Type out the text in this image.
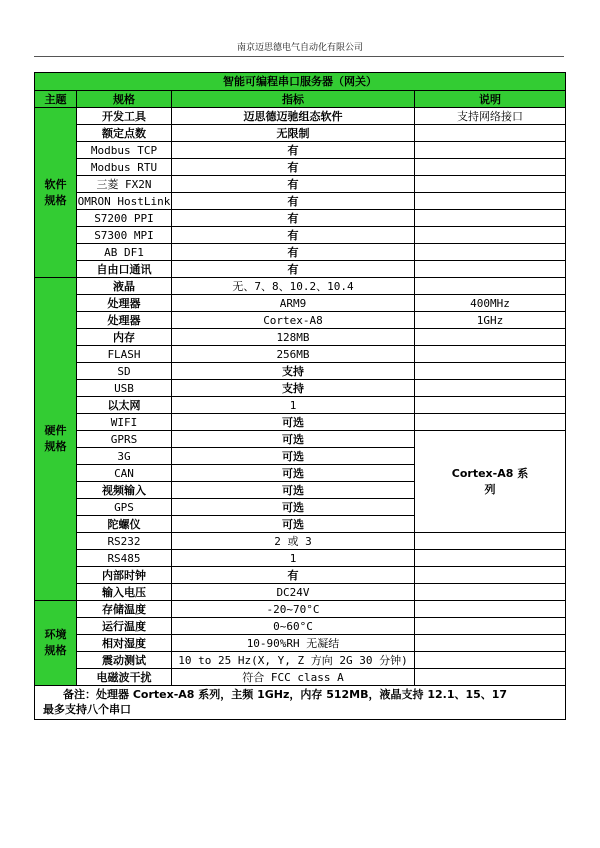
南京迈思德电气自动化有限公司
智能可编程串口服务器（网关）			
主题	规格	指标	说明
软件
规格	开发工具	迈思德迈驰组态软件	支持网络接口
	额定点数	无限制	
	Modbus TCP	有	
	Modbus RTU	有	
	三菱 FX2N	有	
	OMRON HostLink	有	
	S7200 PPI	有	
	S7300 MPI	有	
	AB DF1	有	
	自由口通讯	有	
硬件
规格	液晶	无、7、8、10.2、10.4	
	处理器	ARM9	400MHz
	处理器	Cortex-A8	1GHz
	内存	128MB	
	FLASH	256MB	
	SD	支持	
	USB	支持	
	以太网	1	
	WIFI	可选	
	GPRS	可选	Cortex-A8 系
列
	3G	可选	
	CAN	可选	
	视频输入	可选	
	GPS	可选	
	陀螺仪	可选	
	RS232	2 或 3	
	RS485	1	
	内部时钟	有	
	输入电压	DC24V	
环境
规格	存储温度	-20~70°C	
	运行温度	0~60°C	
	相对湿度	10-90%RH 无凝结	
	震动测试	10 to 25 Hz(X, Y, Z 方向 2G 30 分钟)	
	电磁波干扰	符合 FCC class A	
备注：处理器 Cortex-A8 系列，主频 1GHz，内存 512MB，液晶支持 12.1、15、17
最多支持八个串口			
